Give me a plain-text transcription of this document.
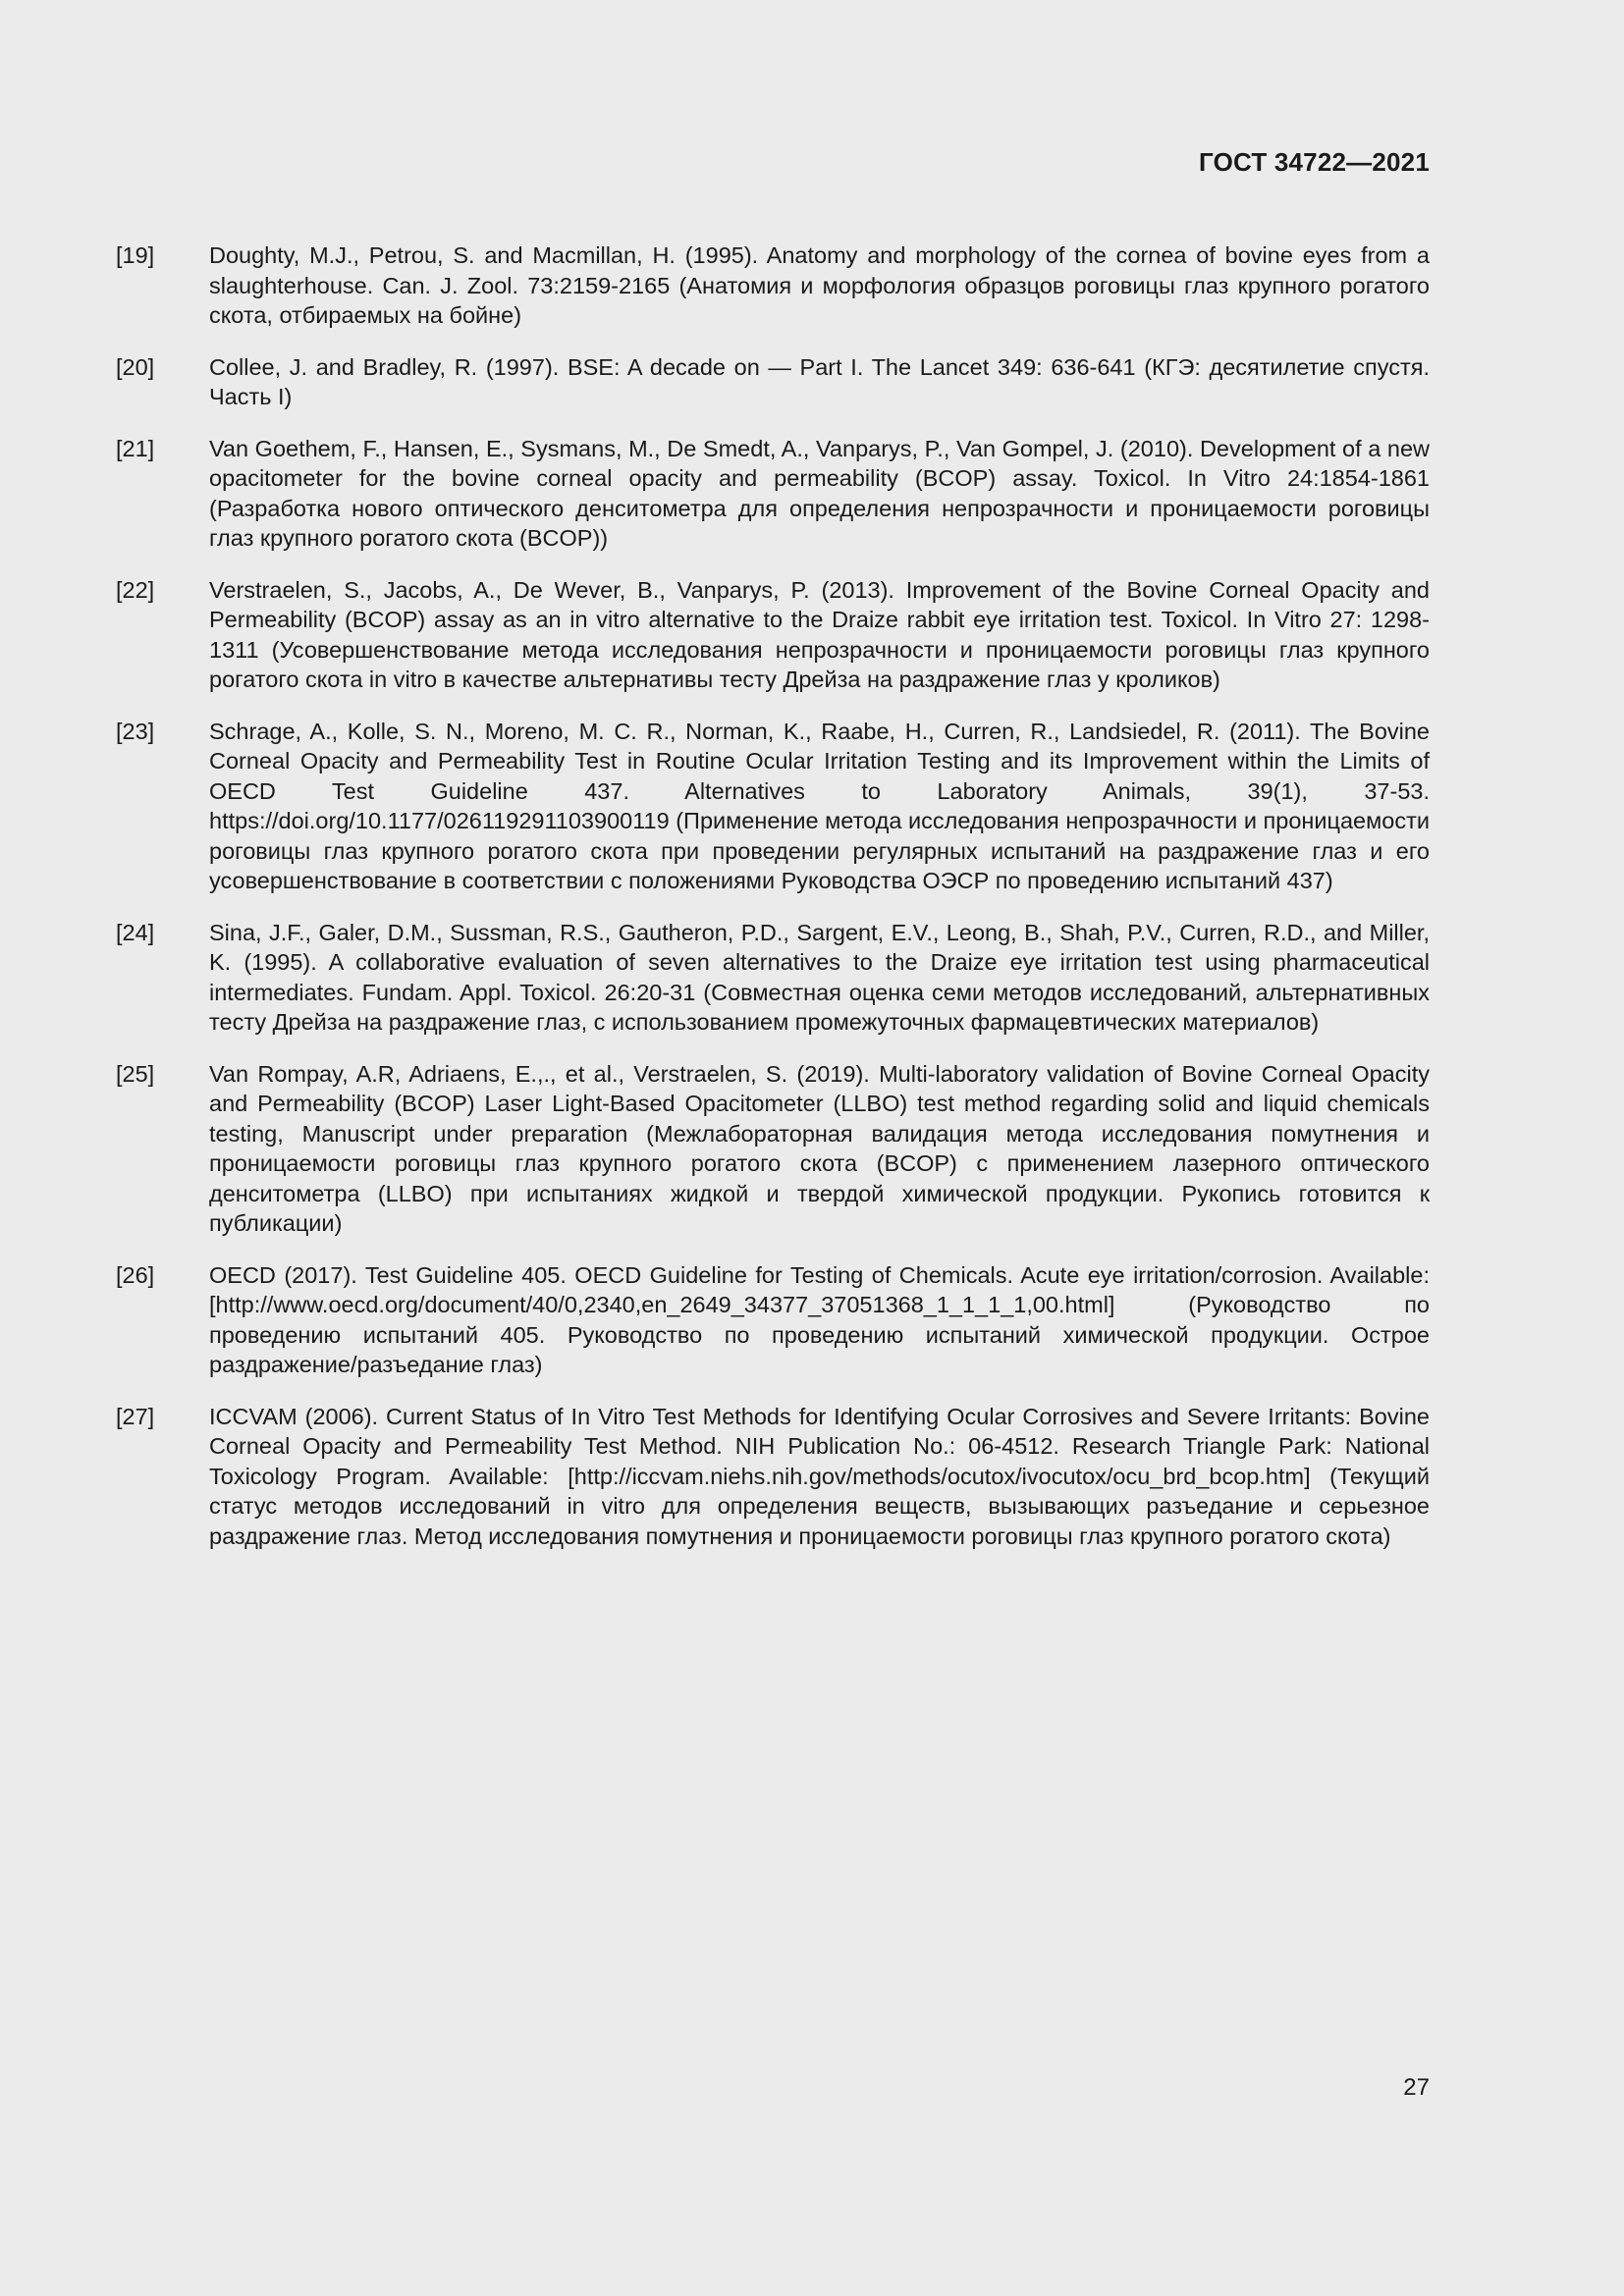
ГОСТ 34722—2021
[19]	Doughty, M.J., Petrou, S. and Macmillan, H. (1995). Anatomy and morphology of the cornea of bovine eyes from a slaughterhouse. Can. J. Zool. 73:2159-2165 (Анатомия и морфология образцов роговицы глаз крупного рогатого скота, отбираемых на бойне)
[20]	Collee, J. and Bradley, R. (1997). BSE: A decade on — Part I. The Lancet 349: 636-641 (КГЭ: десятилетие спустя. Часть I)
[21]	Van Goethem, F., Hansen, E., Sysmans, M., De Smedt, A., Vanparys, P., Van Gompel, J. (2010). Development of a new opacitometer for the bovine corneal opacity and permeability (BCOP) assay. Toxicol. In Vitro 24:1854-1861 (Разработка нового оптического денситометра для определения непрозрачности и проницаемости роговицы глаз крупного рогатого скота (BCOP))
[22]	Verstraelen, S., Jacobs, A., De Wever, B., Vanparys, P. (2013). Improvement of the Bovine Corneal Opacity and Permeability (BCOP) assay as an in vitro alternative to the Draize rabbit eye irritation test. Toxicol. In Vitro 27: 1298-1311 (Усовершенствование метода исследования непрозрачности и проницаемости роговицы глаз крупного рогатого скота in vitro в качестве альтернативы тесту Дрейза на раздражение глаз у кроликов)
[23]	Schrage, A., Kolle, S. N., Moreno, M. C. R., Norman, K., Raabe, H., Curren, R., Landsiedel, R. (2011). The Bovine Corneal Opacity and Permeability Test in Routine Ocular Irritation Testing and its Improvement within the Limits of OECD Test Guideline 437. Alternatives to Laboratory Animals, 39(1), 37-53. https://doi.org/10.1177/026119291103900119 (Применение метода исследования непрозрачности и проницаемости роговицы глаз крупного рогатого скота при проведении регулярных испытаний на раздражение глаз и его усовершенствование в соответствии с положениями Руководства ОЭСР по проведению испытаний 437)
[24]	Sina, J.F., Galer, D.M., Sussman, R.S., Gautheron, P.D., Sargent, E.V., Leong, B., Shah, P.V., Curren, R.D., and Miller, K. (1995). A collaborative evaluation of seven alternatives to the Draize eye irritation test using pharmaceutical intermediates. Fundam. Appl. Toxicol. 26:20-31 (Совместная оценка семи методов исследований, альтернативных тесту Дрейза на раздражение глаз, с использованием промежуточных фармацевтических материалов)
[25]	Van Rompay, A.R, Adriaens, E.,., et al., Verstraelen, S. (2019). Multi-laboratory validation of Bovine Corneal Opacity and Permeability (BCOP) Laser Light-Based Opacitometer (LLBO) test method regarding solid and liquid chemicals testing, Manuscript under preparation (Межлабораторная валидация метода исследования помутнения и проницаемости роговицы глаз крупного рогатого скота (BCOP) с применением лазерного оптического денситометра (LLBO) при испытаниях жидкой и твердой химической продукции. Рукопись готовится к публикации)
[26]	OECD (2017). Test Guideline 405. OECD Guideline for Testing of Chemicals. Acute eye irritation/corrosion. Available: [http://www.oecd.org/document/40/0,2340,en_2649_34377_37051368_1_1_1_1,00.html] (Руководство по проведению испытаний 405. Руководство по проведению испытаний химической продукции. Острое раздражение/разъедание глаз)
[27]	ICCVAM (2006). Current Status of In Vitro Test Methods for Identifying Ocular Corrosives and Severe Irritants: Bovine Corneal Opacity and Permeability Test Method. NIH Publication No.: 06-4512. Research Triangle Park: National Toxicology Program. Available: [http://iccvam.niehs.nih.gov/methods/ocutox/ivocutox/ocu_brd_bcop.htm] (Текущий статус методов исследований in vitro для определения веществ, вызывающих разъедание и серьезное раздражение глаз. Метод исследования помутнения и проницаемости роговицы глаз крупного рогатого скота)
27
